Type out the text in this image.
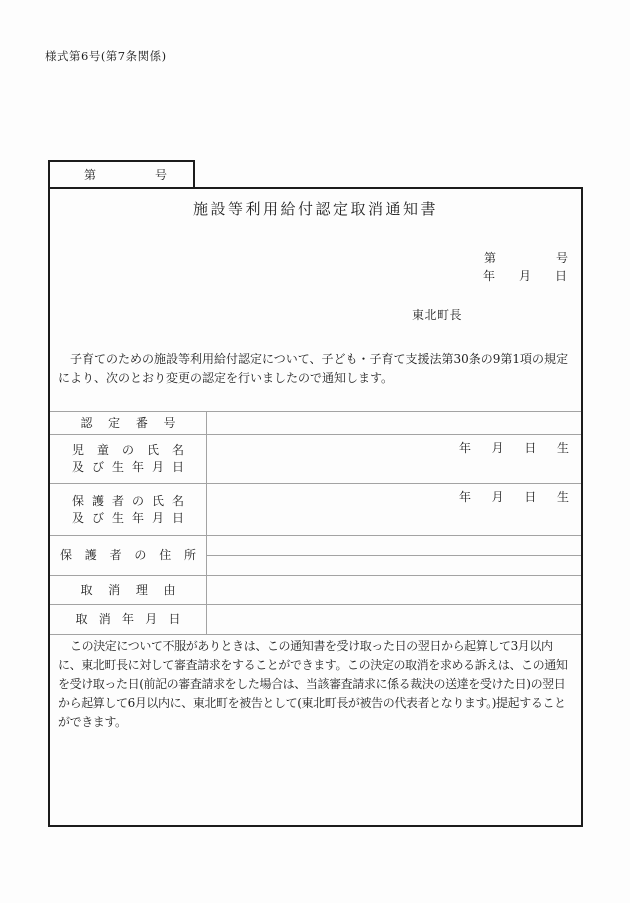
様式第6号(第7条関係)
第	号
施設等利用給付認定取消通知書
第　　　　　号
年　　月　　日
東北町長

子育てのための施設等利用給付認定について、子ども・子育て支援法第30条の9第1項の規定により、次のとおり変更の認定を行いましたので通知します。

認定番号
児童の氏名
及び生年月日
年　月　日　生
保護者の氏名
及び生年月日
年　月　日　生
保護者の住所
取消理由
取消年月日

この決定について不服がありときは、この通知書を受け取った日の翌日から起算して3月以内に、東北町長に対して審査請求をすることができます。この決定の取消を求める訴えは、この通知を受け取った日(前記の審査請求をした場合は、当該審査請求に係る裁決の送達を受けた日)の翌日から起算して6月以内に、東北町を被告として(東北町長が被告の代表者となります。)提起することができます。
